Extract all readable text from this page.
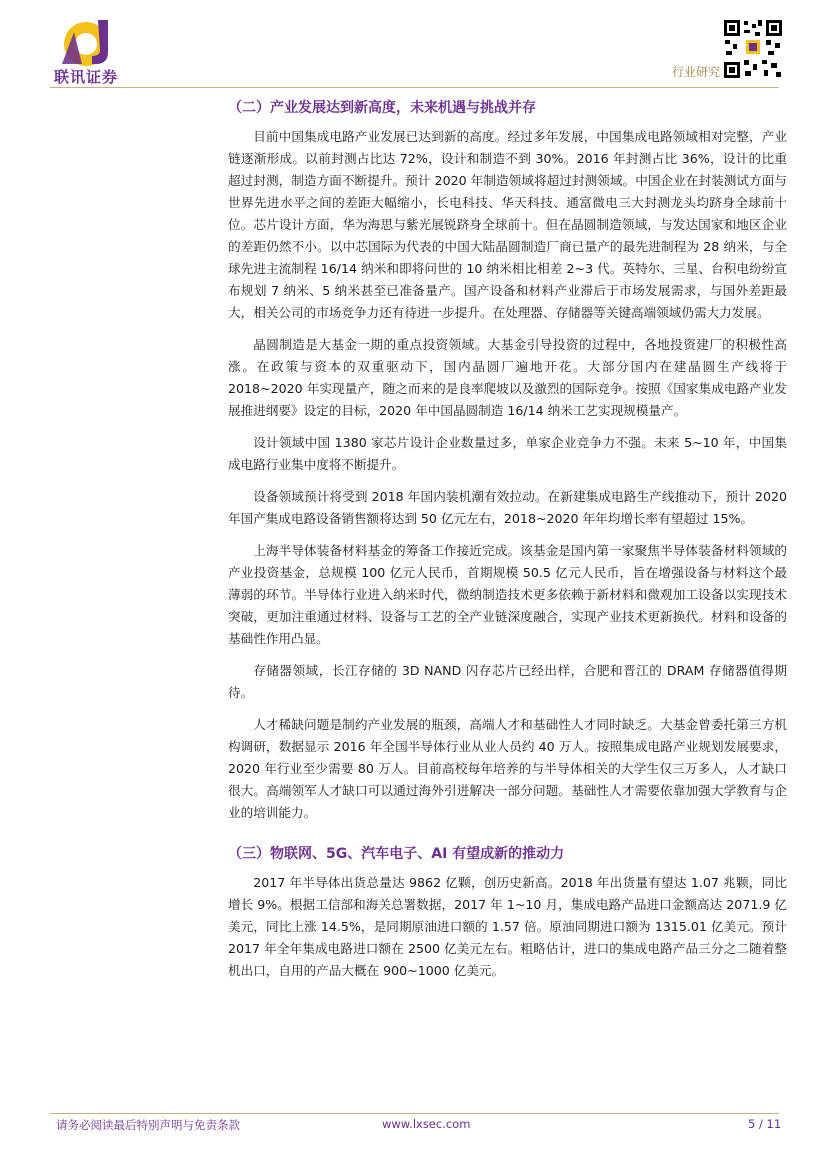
联讯证券	行业研究
（二）产业发展达到新高度，未来机遇与挑战并存

目前中国集成电路产业发展已达到新的高度。经过多年发展，中国集成电路领域相对完整，产业链逐渐形成。以前封测占比达 72%，设计和制造不到 30%。2016 年封测占比 36%，设计的比重超过封测，制造方面不断提升。预计 2020 年制造领域将超过封测领域。中国企业在封装测试方面与世界先进水平之间的差距大幅缩小，长电科技、华天科技、通富微电三大封测龙头均跻身全球前十位。芯片设计方面，华为海思与紫光展锐跻身全球前十。但在晶圆制造领域，与发达国家和地区企业的差距仍然不小。以中芯国际为代表的中国大陆晶圆制造厂商已量产的最先进制程为 28 纳米，与全球先进主流制程 16/14 纳米和即将问世的 10 纳米相比相差 2~3 代。英特尔、三星、台积电纷纷宣布规划 7 纳米、5 纳米甚至已准备量产。国产设备和材料产业滞后于市场发展需求，与国外差距最大，相关公司的市场竞争力还有待进一步提升。在处理器、存储器等关键高端领域仍需大力发展。

晶圆制造是大基金一期的重点投资领域。大基金引导投资的过程中，各地投资建厂的积极性高涨。在政策与资本的双重驱动下，国内晶圆厂遍地开花。大部分国内在建晶圆生产线将于 2018~2020 年实现量产，随之而来的是良率爬坡以及激烈的国际竞争。按照《国家集成电路产业发展推进纲要》设定的目标，2020 年中国晶圆制造 16/14 纳米工艺实现规模量产。

设计领域中国 1380 家芯片设计企业数量过多，单家企业竞争力不强。未来 5~10 年，中国集成电路行业集中度将不断提升。

设备领域预计将受到 2018 年国内装机潮有效拉动。在新建集成电路生产线推动下，预计 2020 年国产集成电路设备销售额将达到 50 亿元左右，2018~2020 年年均增长率有望超过 15%。

上海半导体装备材料基金的筹备工作接近完成。该基金是国内第一家聚焦半导体装备材料领域的产业投资基金，总规模 100 亿元人民币，首期规模 50.5 亿元人民币，旨在增强设备与材料这个最薄弱的环节。半导体行业进入纳米时代，微纳制造技术更多依赖于新材料和微观加工设备以实现技术突破，更加注重通过材料、设备与工艺的全产业链深度融合，实现产业技术更新换代。材料和设备的基础性作用凸显。

存储器领域，长江存储的 3D NAND 闪存芯片已经出样，合肥和晋江的 DRAM 存储器值得期待。

人才稀缺问题是制约产业发展的瓶颈，高端人才和基础性人才同时缺乏。大基金曾委托第三方机构调研，数据显示 2016 年全国半导体行业从业人员约 40 万人。按照集成电路产业规划发展要求，2020 年行业至少需要 80 万人。目前高校每年培养的与半导体相关的大学生仅三万多人，人才缺口很大。高端领军人才缺口可以通过海外引进解决一部分问题。基础性人才需要依靠加强大学教育与企业的培训能力。

（三）物联网、5G、汽车电子、AI 有望成新的推动力

2017 年半导体出货总量达 9862 亿颗，创历史新高。2018 年出货量有望达 1.07 兆颗，同比增长 9%。根据工信部和海关总署数据，2017 年 1~10 月，集成电路产品进口金额高达 2071.9 亿美元，同比上涨 14.5%，是同期原油进口额的 1.57 倍。原油同期进口额为 1315.01 亿美元。预计 2017 年全年集成电路进口额在 2500 亿美元左右。粗略估计，进口的集成电路产品三分之二随着整机出口，自用的产品大概在 900~1000 亿美元。

请务必阅读最后特别声明与免责条款	www.lxsec.com	5 / 11
